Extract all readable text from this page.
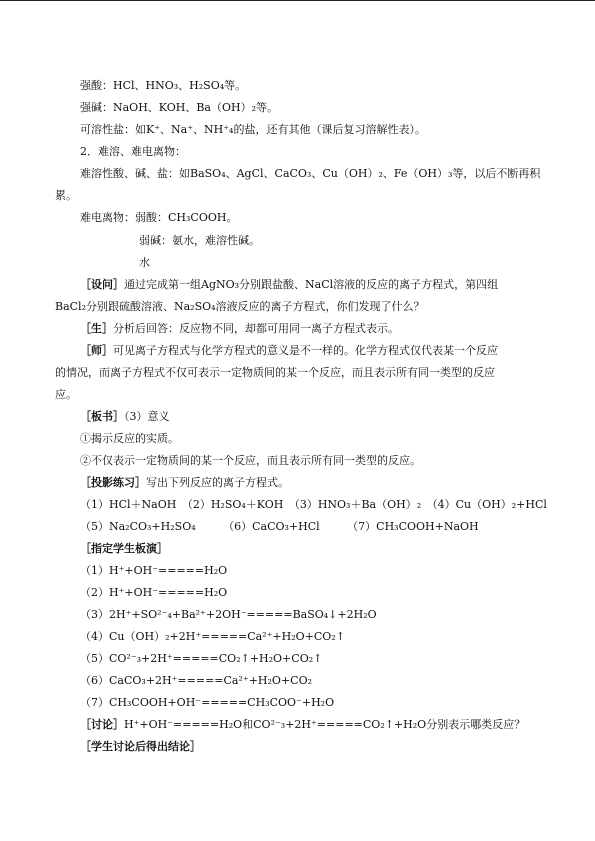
强酸：HCl、HNO₃、H₂SO₄等。
强碱：NaOH、KOH、Ba（OH）₂等。
可溶性盐：如K⁺、Na⁺、NH⁺₄的盐，还有其他（课后复习溶解性表）。
2．难溶、难电离物：
难溶性酸、碱、盐：如BaSO₄、AgCl、CaCO₃、Cu（OH）₂、Fe（OH）₃等，以后不断再积
累。
难电离物：弱酸：CH₃COOH。
弱碱：氨水，难溶性碱。
水
［设问］通过完成第一组AgNO₃分别跟盐酸、NaCl溶液的反应的离子方程式，第四组
BaCl₂分别跟硫酸溶液、Na₂SO₄溶液反应的离子方程式，你们发现了什么？
［生］分析后回答：反应物不同，却都可用同一离子方程式表示。
［师］可见离子方程式与化学方程式的意义是不一样的。化学方程式仅代表某一个反应
的情况，而离子方程式不仅可表示一定物质间的某一个反应，而且表示所有同一类型的反应
应。
［板书］（3）意义
①揭示反应的实质。
②不仅表示一定物质间的某一个反应，而且表示所有同一类型的反应。
［投影练习］写出下列反应的离子方程式。
（1）HCl＋NaOH　（2）H₂SO₄＋KOH　（3）HNO₃＋Ba（OH）₂　（4）Cu（OH）₂+HCl
（5）Na₂CO₃+H₂SO₄　　　（6）CaCO₃+HCl　　　（7）CH₃COOH+NaOH
［指定学生板演］
（1）H⁺+OH⁻=====H₂O
（2）H⁺+OH⁻=====H₂O
（3）2H⁺+SO²⁻₄+Ba²⁺+2OH⁻=====BaSO₄↓+2H₂O
（4）Cu（OH）₂+2H⁺=====Ca²⁺+H₂O+CO₂↑
（5）CO²⁻₃+2H⁺=====CO₂↑+H₂O+CO₂↑
（6）CaCO₃+2H⁺=====Ca²⁺+H₂O+CO₂
（7）CH₃COOH+OH⁻=====CH₃COO⁻+H₂O
［讨论］H⁺+OH⁻=====H₂O和CO²⁻₃+2H⁺=====CO₂↑+H₂O分别表示哪类反应？
［学生讨论后得出结论］
